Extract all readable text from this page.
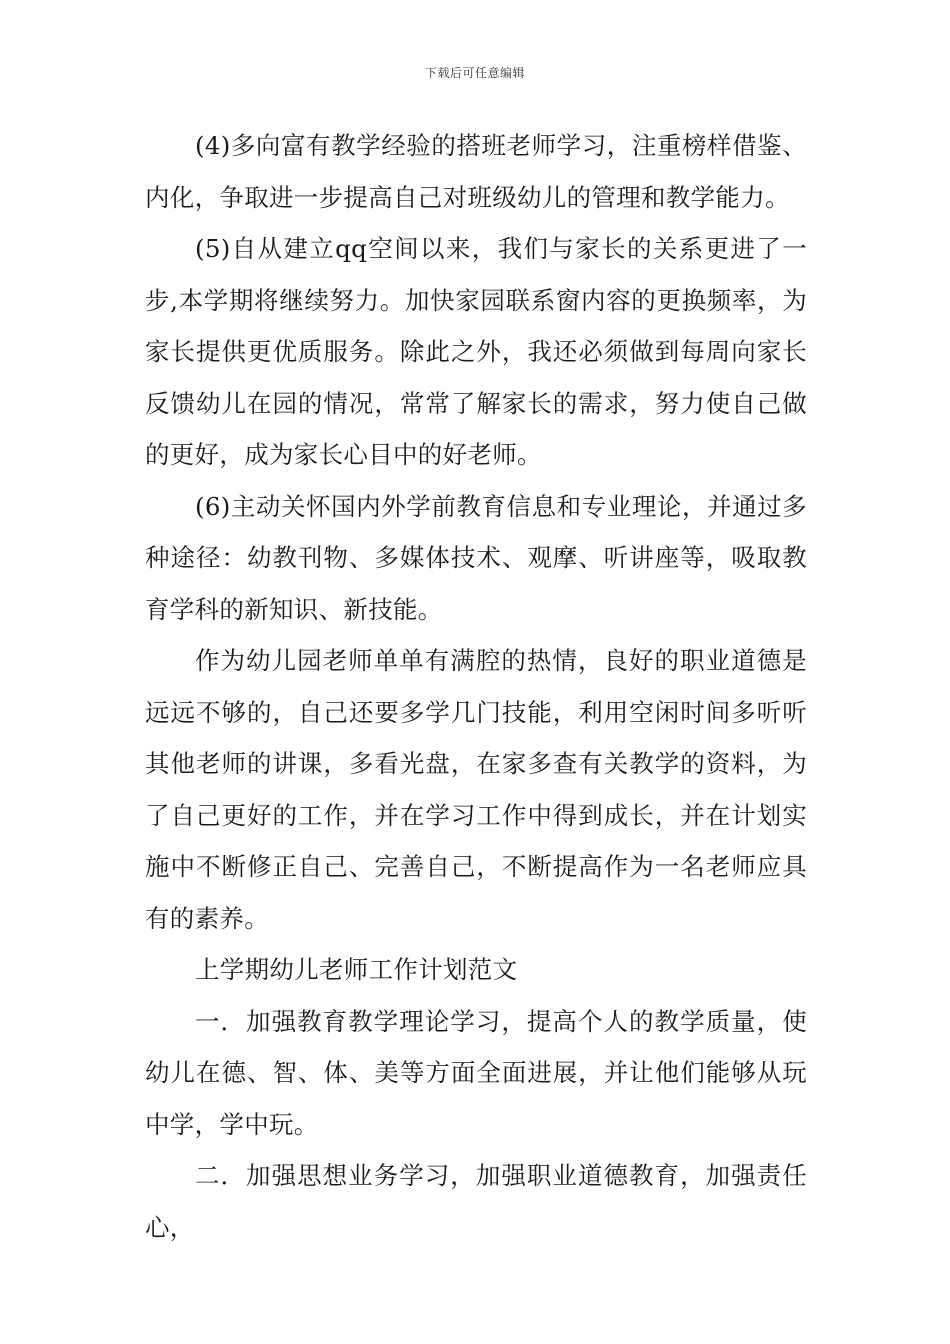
下载后可任意编辑

(4)多向富有教学经验的搭班老师学习，注重榜样借鉴、内化，争取进一步提高自己对班级幼儿的管理和教学能力。

(5)自从建立qq空间以来，我们与家长的关系更进了一步,本学期将继续努力。加快家园联系窗内容的更换频率，为家长提供更优质服务。除此之外，我还必须做到每周向家长反馈幼儿在园的情况，常常了解家长的需求，努力使自己做的更好，成为家长心目中的好老师。

(6)主动关怀国内外学前教育信息和专业理论，并通过多种途径：幼教刊物、多媒体技术、观摩、听讲座等，吸取教育学科的新知识、新技能。

作为幼儿园老师单单有满腔的热情，良好的职业道德是远远不够的，自己还要多学几门技能，利用空闲时间多听听其他老师的讲课，多看光盘，在家多查有关教学的资料，为了自己更好的工作，并在学习工作中得到成长，并在计划实施中不断修正自己、完善自己，不断提高作为一名老师应具有的素养。

上学期幼儿老师工作计划范文

一．加强教育教学理论学习，提高个人的教学质量，使幼儿在德、智、体、美等方面全面进展，并让他们能够从玩中学，学中玩。

二．加强思想业务学习，加强职业道德教育，加强责任心，
